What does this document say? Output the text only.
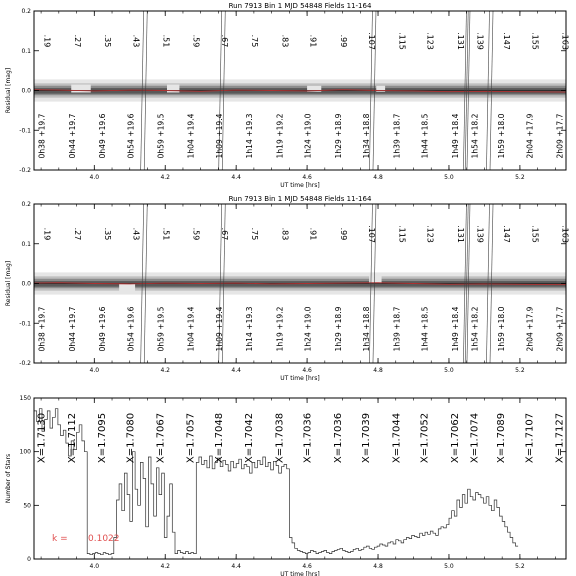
.19	.27	.35 .43	.51	.59 .67	.75	.83 .91	.99 .107	.115 .123	.131 .139 .147 .155	.163
0h38 +19.7	0h44 +19.7	0h49 +19.6	0h54 +19.6	0h59 +19.5	1h04 +19.4	1h09 +19.4	1h14 +19.3	1h19 +19.2	1h24 +19.0	1h29 +18.9	1h34 +18.8	1h39 +18.7	1h44 +18.5	1h49 +18.4 1h54 +18.2 1h59 +18.0	2h04 +17.9	2h09 +17.7
4.0	4.2	4.4	4.6	4.8	5.0	5.2
-0.2
-0.1
0.0
0.1
0.2
UT time [hrs]
Residual [mag]
Run 7913 Bin 1 MJD 54848 Fields 11-164
.19	.27	.35 .43	.51	.59 .67	.75	.83 .91	.99 .107	.115 .123	.131 .139 .147 .155	.163
0h38 +19.7	0h44 +19.7	0h49 +19.6	0h54 +19.6	0h59 +19.5	1h04 +19.4	1h09 +19.4	1h14 +19.3	1h19 +19.2	1h24 +19.0	1h29 +18.9	1h34 +18.8	1h39 +18.7	1h44 +18.5	1h49 +18.4 1h54 +18.2 1h59 +18.0	2h04 +17.9	2h09 +17.7
4.0	4.2	4.4	4.6	4.8	5.0	5.2
-0.2
-0.1
0.0
0.1
0.2
UT time [hrs]
Residual [mag]
Run 7913 Bin 1 MJD 54848 Fields 11-164
X=1.7130 X=1.7112 X=1.7095 X=1.7080 X=1.7067 X=1.7057 X=1.7048 X=1.7042 X=1.7038 X=1.7036 X=1.7036 X=1.7039 X=1.7044 X=1.7052 X=1.7062 X=1.7074 X=1.7089 X=1.7107 X=1.7127
k = 0.1022
4.0	4.2	4.4	4.6	4.8	5.0	5.2
0
50
100
150
UT time [hrs]
Number of Stars
